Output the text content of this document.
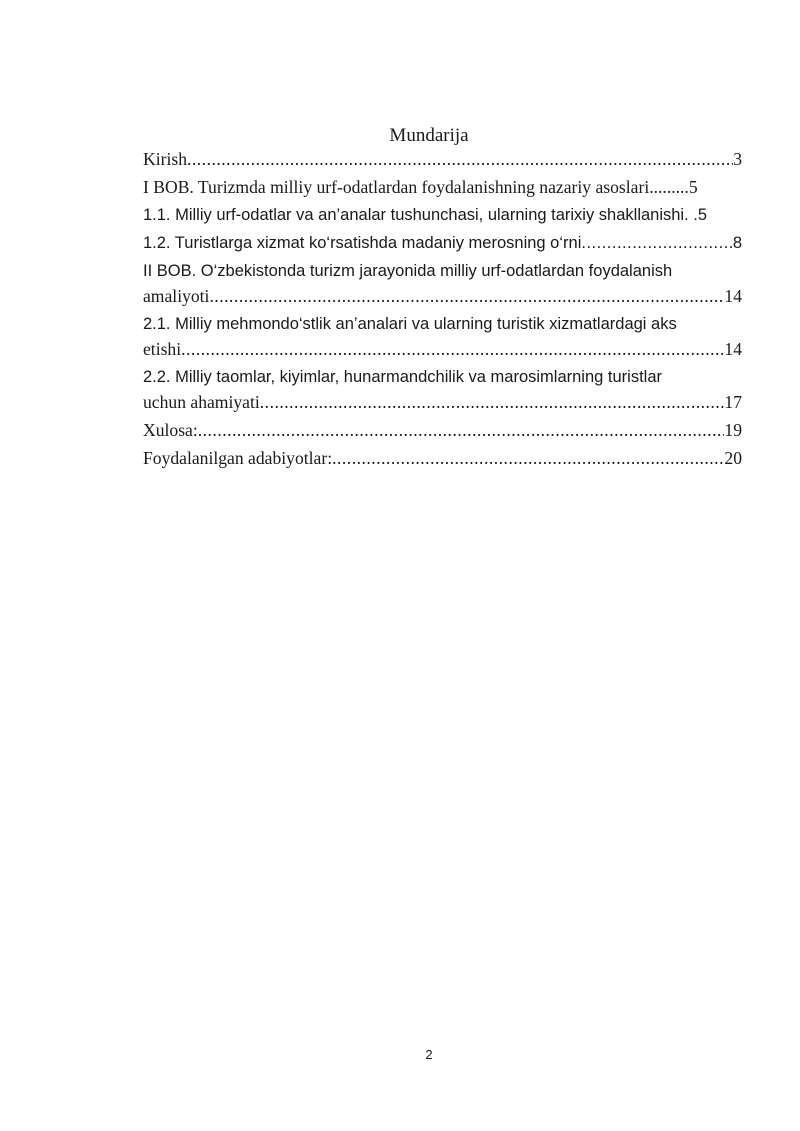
Mundarija
Kirish .....	3
I BOB. Turizmda milliy urf-odatlardan foydalanishning nazariy asoslari ......... 5
1.1. Milliy urf-odatlar va an’analar tushunchasi, ularning tarixiy shakllanishi. . 5
1.2. Turistlarga xizmat ko‘rsatishda madaniy merosning o‘rni .....	8
II BOB. O‘zbekistonda turizm jarayonida milliy urf-odatlardan foydalanish
amaliyoti .....	14
2.1. Milliy mehmondo‘stlik an’analari va ularning turistik xizmatlardagi aks
etishi .....	14
2.2. Milliy taomlar, kiyimlar, hunarmandchilik va marosimlarning turistlar
uchun ahamiyati .....	17
Xulosa: .....	19
Foydalanilgan adabiyotlar: .....	20
2
